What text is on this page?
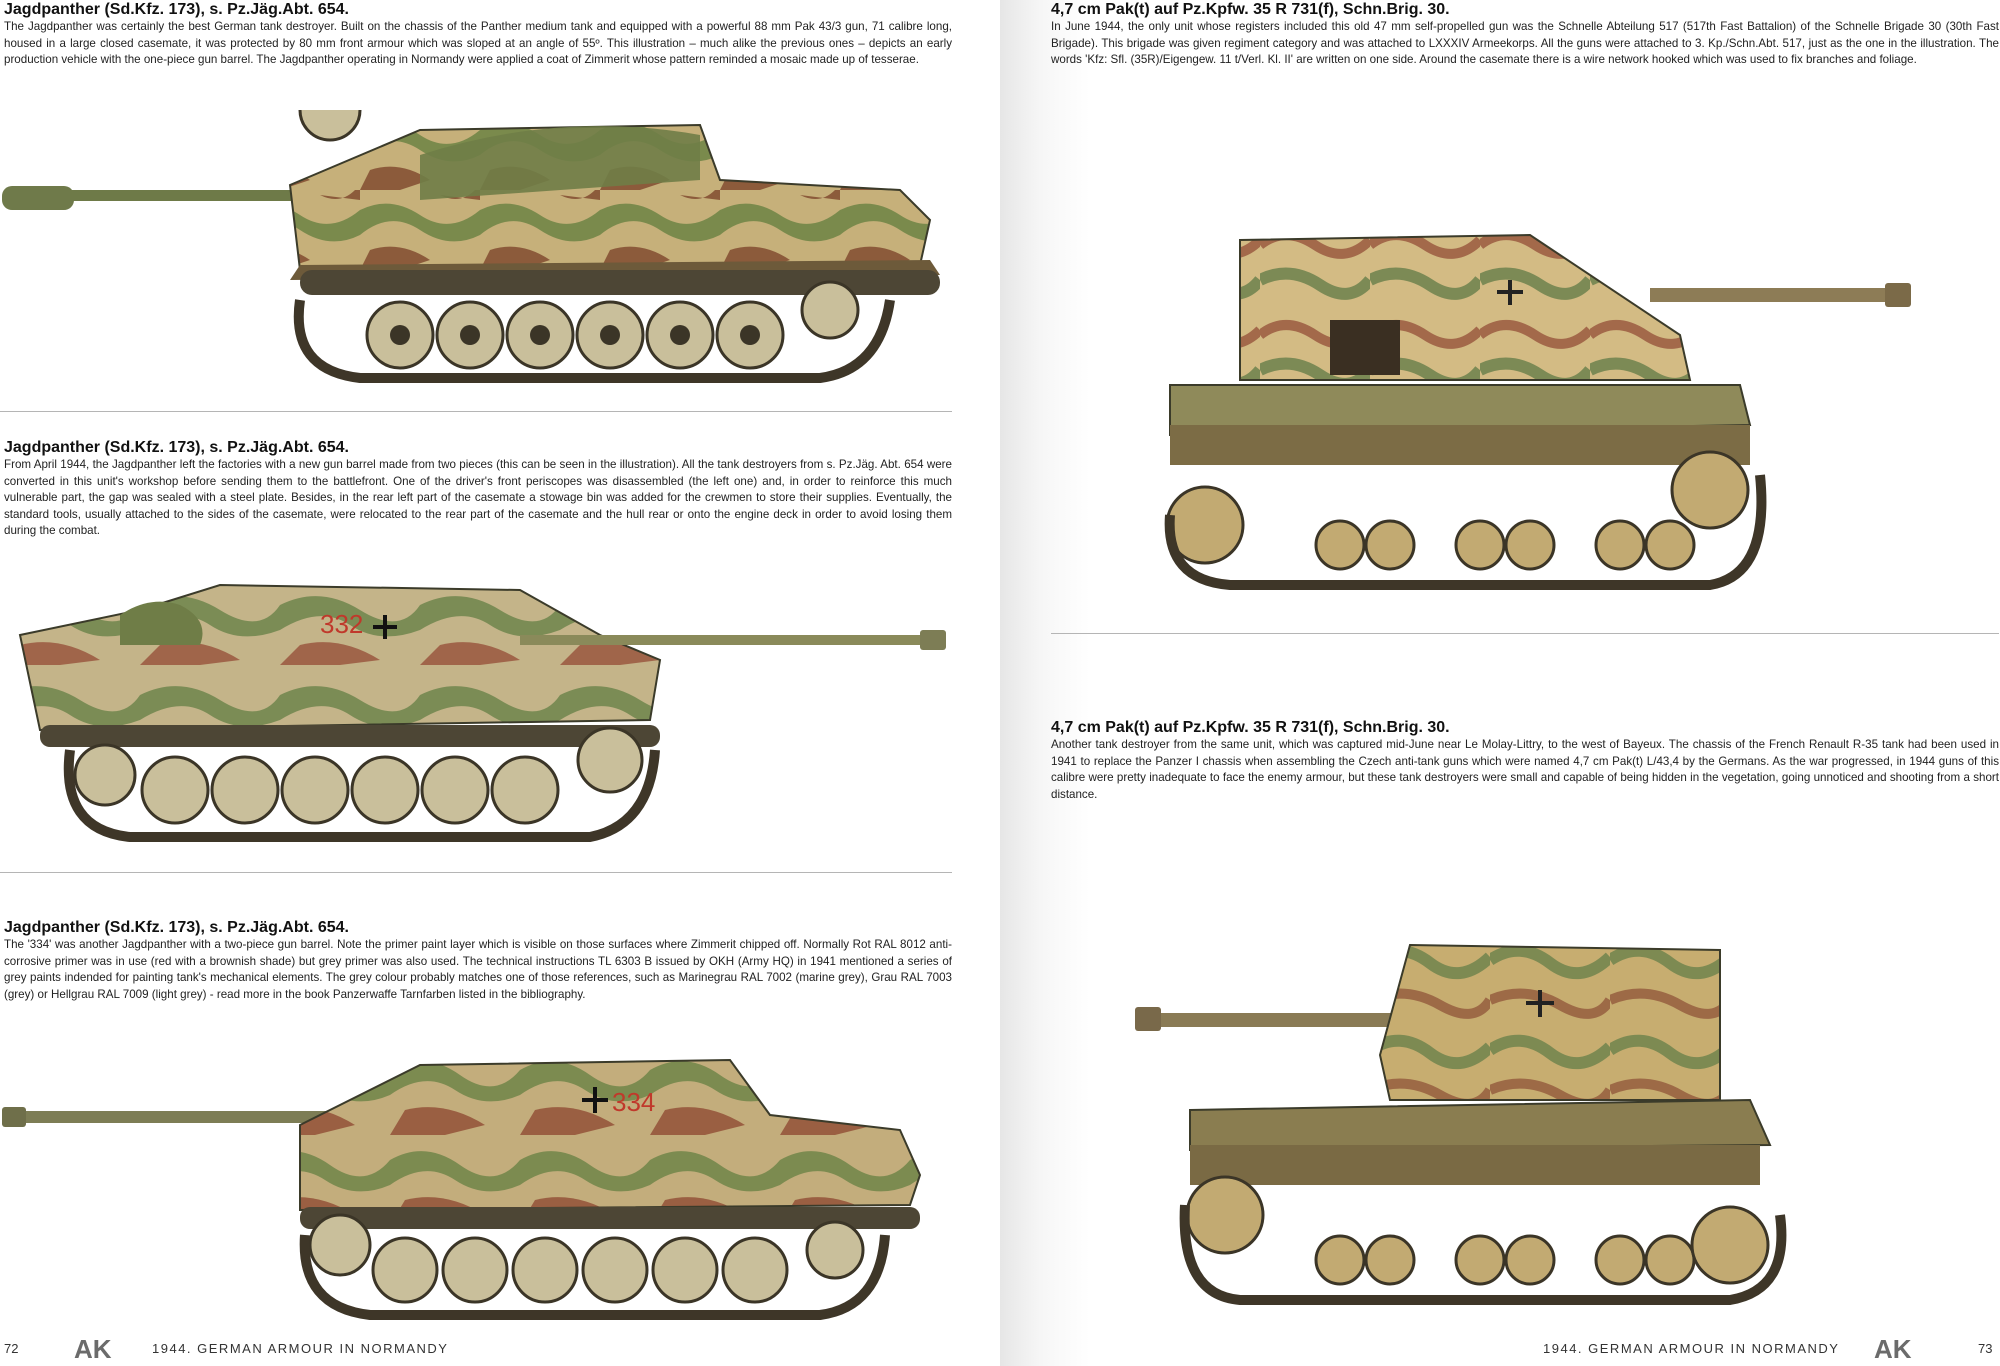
Jagdpanther (Sd.Kfz. 173), s. Pz.Jäg.Abt. 654.

The Jagdpanther was certainly the best German tank destroyer. Built on the chassis of the Panther medium tank and equipped with a powerful 88 mm Pak 43/3 gun, 71 calibre long, housed in a large closed casemate, it was protected by 80 mm front armour which was sloped at an angle of 55º. This illustration – much alike the previous ones – depicts an early production vehicle with the one-piece gun barrel. The Jagdpanther operating in Normandy were applied a coat of Zimmerit whose pattern reminded a mosaic made up of tesserae.

Jagdpanther (Sd.Kfz. 173), s. Pz.Jäg.Abt. 654.

From April 1944, the Jagdpanther left the factories with a new gun barrel made from two pieces (this can be seen in the illustration). All the tank destroyers from s. Pz.Jäg. Abt. 654 were converted in this unit's workshop before sending them to the battlefront. One of the driver's front periscopes was disassembled (the left one) and, in order to reinforce this much vulnerable part, the gap was sealed with a steel plate. Besides, in the rear left part of the casemate a stowage bin was added for the crewmen to store their supplies. Eventually, the standard tools, usually attached to the sides of the casemate, were relocated to the rear part of the casemate and the hull rear or onto the engine deck in order to avoid losing them during the combat.

332
Jagdpanther (Sd.Kfz. 173), s. Pz.Jäg.Abt. 654.

The '334' was another Jagdpanther with a two-piece gun barrel. Note the primer paint layer which is visible on those surfaces where Zimmerit chipped off. Normally Rot RAL 8012 anti-corrosive primer was in use (red with a brownish shade) but grey primer was also used. The technical instructions TL 6303 B issued by OKH (Army HQ) in 1941 mentioned a series of grey paints indended for painting tank's mechanical elements. The grey colour probably matches one of those references, such as Marinegrau RAL 7002 (marine grey), Grau RAL 7003 (grey) or Hellgrau RAL 7009 (light grey) - read more in the book Panzerwaffe Tarnfarben listed in the bibliography.

334
72 AK	1944. GERMAN ARMOUR IN NORMANDY
4,7 cm Pak(t) auf Pz.Kpfw. 35 R 731(f), Schn.Brig. 30.

In June 1944, the only unit whose registers included this old 47 mm self-propelled gun was the Schnelle Abteilung 517 (517th Fast Battalion) of the Schnelle Brigade 30 (30th Fast Brigade). This brigade was given regiment category and was attached to LXXXIV Armeekorps. All the guns were attached to 3. Kp./Schn.Abt. 517, just as the one in the illustration. The words 'Kfz: Sfl. (35R)/Eigengew. 11 t/Verl. Kl. II' are written on one side. Around the casemate there is a wire network hooked which was used to fix branches and foliage.

4,7 cm Pak(t) auf Pz.Kpfw. 35 R 731(f), Schn.Brig. 30.

Another tank destroyer from the same unit, which was captured mid-June near Le Molay-Littry, to the west of Bayeux. The chassis of the French Renault R-35 tank had been used in 1941 to replace the Panzer I chassis when assembling the Czech anti-tank guns which were named 4,7 cm Pak(t) L/43,4 by the Germans. As the war progressed, in 1944 guns of this calibre were pretty inadequate to face the enemy armour, but these tank destroyers were small and capable of being hidden in the vegetation, going unnoticed and shooting from a short distance.

1944. GERMAN ARMOUR IN NORMANDY AK	73
